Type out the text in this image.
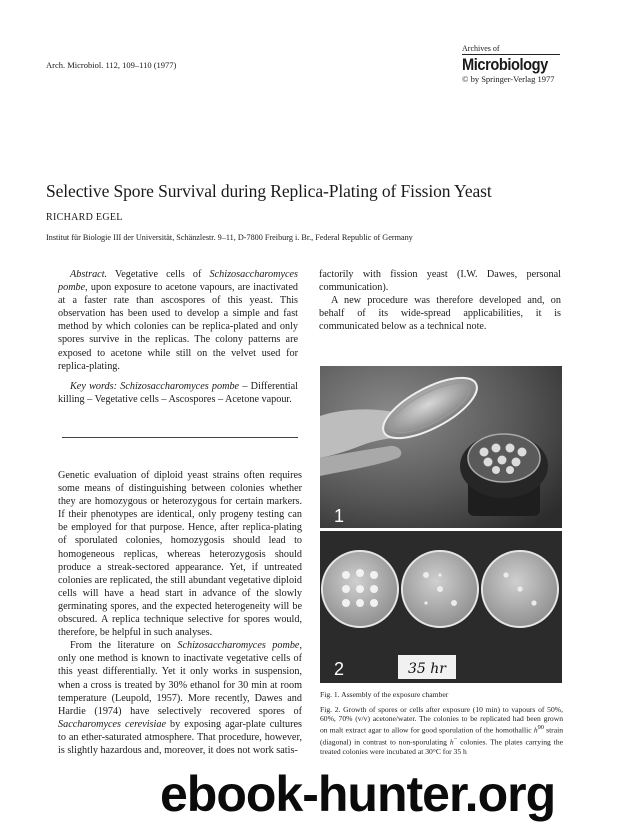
Arch. Microbiol. 112, 109–110 (1977)
Archives of
Microbiology
© by Springer-Verlag 1977
Selective Spore Survival during Replica-Plating of Fission Yeast
RICHARD EGEL
Institut für Biologie III der Universität, Schänzlestr. 9–11, D-7800 Freiburg i. Br., Federal Republic of Germany

Abstract. Vegetative cells of Schizosaccharomyces pombe, upon exposure to acetone vapours, are inactivated at a faster rate than ascospores of this yeast. This observation has been used to develop a simple and fast method by which colonies can be replica-plated and only spores survive in the replicas. The colony patterns are exposed to acetone while still on the velvet used for replica-plating.

Key words: Schizosaccharomyces pombe – Differential killing – Vegetative cells – Ascospores – Acetone vapour.

Genetic evaluation of diploid yeast strains often requires some means of distinguishing between colonies whether they are homozygous or heterozygous for certain markers. If their phenotypes are identical, only progeny testing can be employed for that purpose. Hence, after replica-plating of sporulated colonies, homozygosis should lead to homogeneous replicas, whereas heterozygosis should produce a streak-sectored appearance. Yet, if untreated colonies are replicated, the still abundant vegetative diploid cells will have a head start in advance of the slowly germinating spores, and the expected heterogeneity will be obscured. A replica technique selective for spores would, therefore, be helpful in such analyses.

From the literature on Schizosaccharomyces pombe, only one method is known to inactivate vegetative cells of this yeast differentially. Yet it only works in suspension, when a cross is treated by 30% ethanol for 30 min at room temperature (Leupold, 1957). More recently, Dawes and Hardie (1974) have selectively recovered spores of Saccharomyces cerevisiae by exposing agar-plate cultures to an ether-saturated atmosphere. That procedure, however, is slightly hazardous and, moreover, it does not work satis-

factorily with fission yeast (I.W. Dawes, personal communication).

A new procedure was therefore developed and, on behalf of its wide-spread applicabilities, it is communicated below as a technical note.

1
2	35 hr
Fig. 1. Assembly of the exposure chamber
Fig. 2. Growth of spores or cells after exposure (10 min) to vapours of 50%, 60%, 70% (v/v) acetone/water. The colonies to be replicated had been grown on malt extract agar to allow for good sporulation of the homothallic $h^{90}$ strain (diagonal) in contrast to non-sporulating h− colonies. The plates carrying the treated colonies were incubated at 30°C for 35 h
ebook-hunter.org
